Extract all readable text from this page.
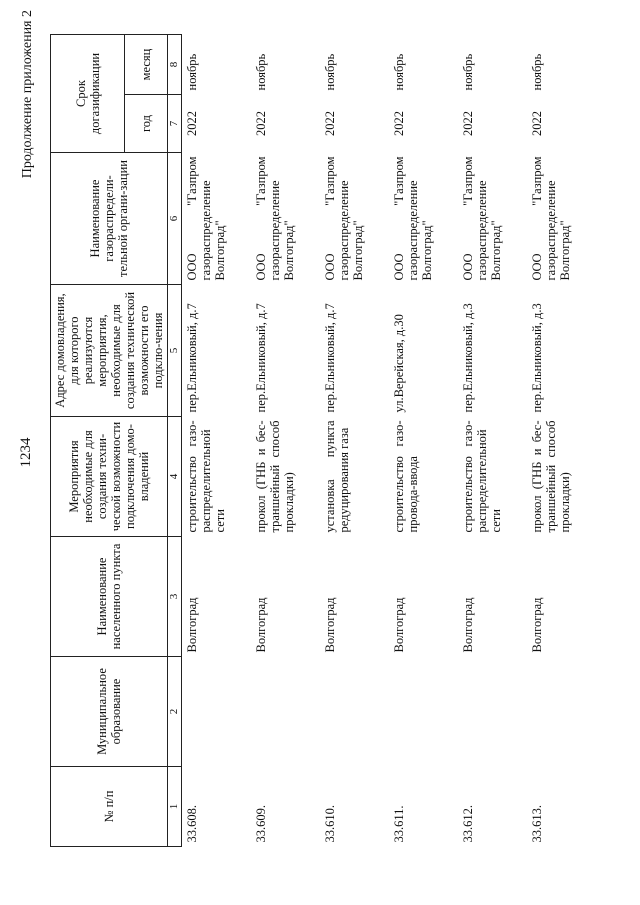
1234
Продолжение приложения 2
№ п/п	Муниципальное образование	Наименование населенного пункта	Мероприятия необходимые для создания техни-ческой возможности подключения домо-владений	Адрес домовладения, для которого реализуются мероприятия, необходимые для создания технической возможности его подклю-чения	Наименование газораспредели-тельной органи-зации	Срок догазификации	
						год	месяц
1	2	3	4	5	6	7	8
33.608.		Волгоград	строительство газо-распределительной сети	пер.Ельниковый, д.7	ООО "Газпром газораспределение Волгоград"	2022	ноябрь
33.609.		Волгоград	прокол (ГНБ и бес-траншейный способ прокладки)	пер.Ельниковый, д.7	ООО "Газпром газораспределение Волгоград"	2022	ноябрь
33.610.		Волгоград	установка пункта редуцирования газа	пер.Ельниковый, д.7	ООО "Газпром газораспределение Волгоград"	2022	ноябрь
33.611.		Волгоград	строительство газо-провода-ввода	ул.Верейская, д.30	ООО "Газпром газораспределение Волгоград"	2022	ноябрь
33.612.		Волгоград	строительство газо-распределительной сети	пер.Ельниковый, д.3	ООО "Газпром газораспределение Волгоград"	2022	ноябрь
33.613.		Волгоград	прокол (ГНБ и бес-траншейный способ прокладки)	пер.Ельниковый, д.3	ООО "Газпром газораспределение Волгоград"	2022	ноябрь
